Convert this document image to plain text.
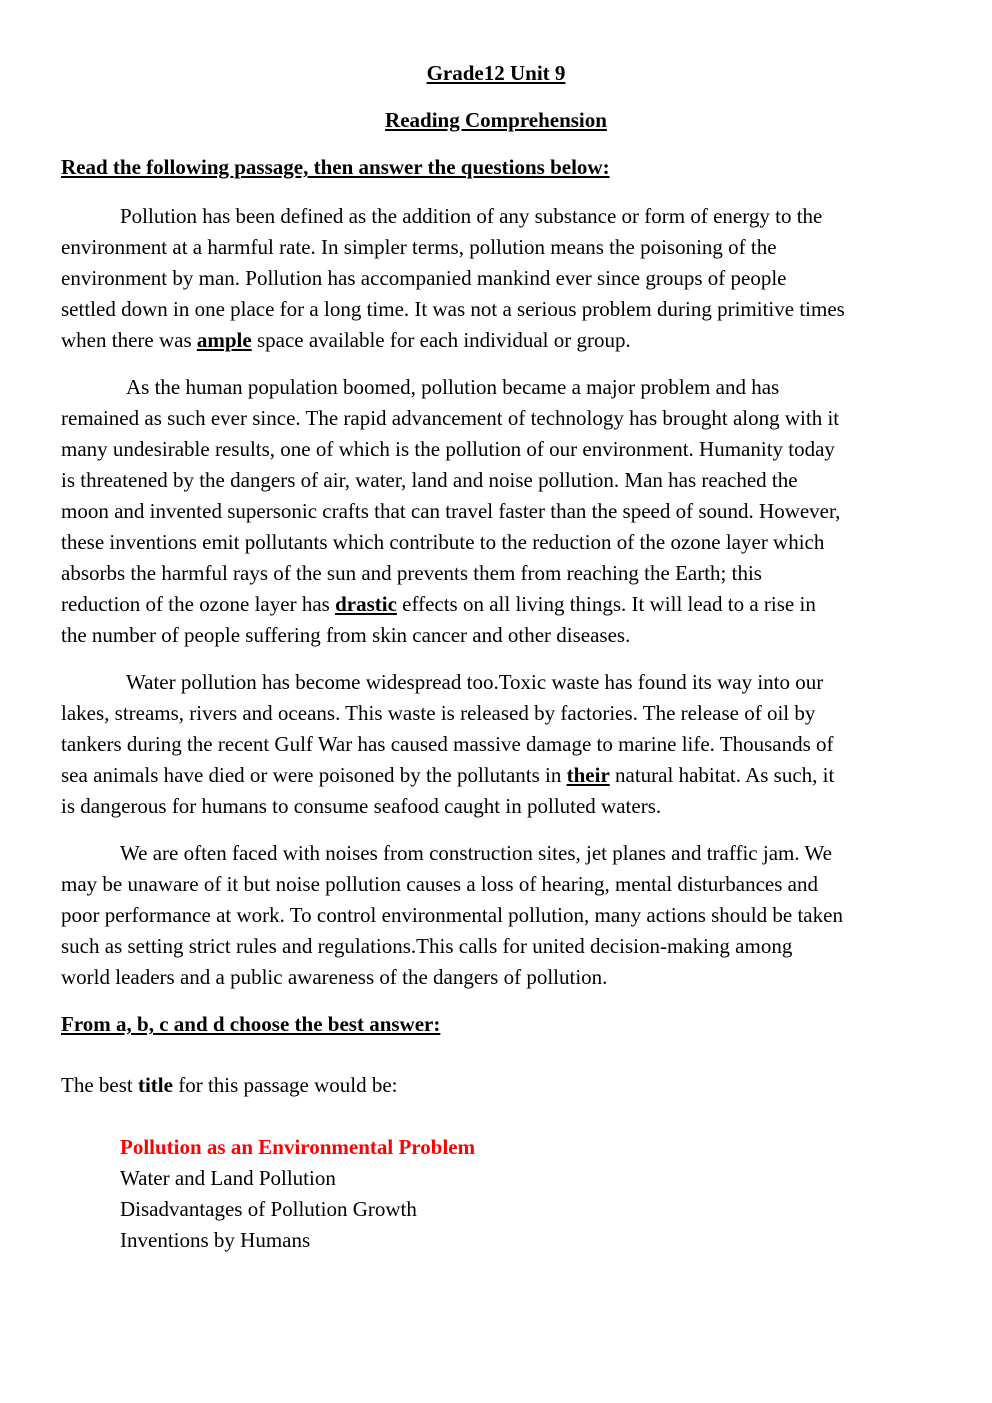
Grade12 Unit 9
Reading Comprehension
Read the following passage, then answer the questions below:
Pollution has been defined as the addition of any substance or form of energy to the
environment at a harmful rate. In simpler terms, pollution means the poisoning of the
environment by man. Pollution has accompanied mankind ever since groups of people
settled down in one place for a long time. It was not a serious problem during primitive times
when there was ample space available for each individual or group.
As the human population boomed, pollution became a major problem and has
remained as such ever since. The rapid advancement of technology has brought along with it
many undesirable results, one of which is the pollution of our environment. Humanity today
is threatened by the dangers of air, water, land and noise pollution. Man has reached the
moon and invented supersonic crafts that can travel faster than the speed of sound. However,
these inventions emit pollutants which contribute to the reduction of the ozone layer which
absorbs the harmful rays of the sun and prevents them from reaching the Earth; this
reduction of the ozone layer has drastic effects on all living things. It will lead to a rise in
the number of people suffering from skin cancer and other diseases.
Water pollution has become widespread too.Toxic waste has found its way into our
lakes, streams, rivers and oceans. This waste is released by factories. The release of oil by
tankers during the recent Gulf War has caused massive damage to marine life. Thousands of
sea animals have died or were poisoned by the pollutants in their natural habitat. As such, it
is dangerous for humans to consume seafood caught in polluted waters.
We are often faced with noises from construction sites, jet planes and traffic jam. We
may be unaware of it but noise pollution causes a loss of hearing, mental disturbances and
poor performance at work. To control environmental pollution, many actions should be taken
such as setting strict rules and regulations.This calls for united decision-making among
world leaders and a public awareness of the dangers of pollution.
From a, b, c and d choose the best answer:
The best title for this passage would be:
Pollution as an Environmental Problem
Water and Land Pollution
Disadvantages of Pollution Growth
Inventions by Humans
